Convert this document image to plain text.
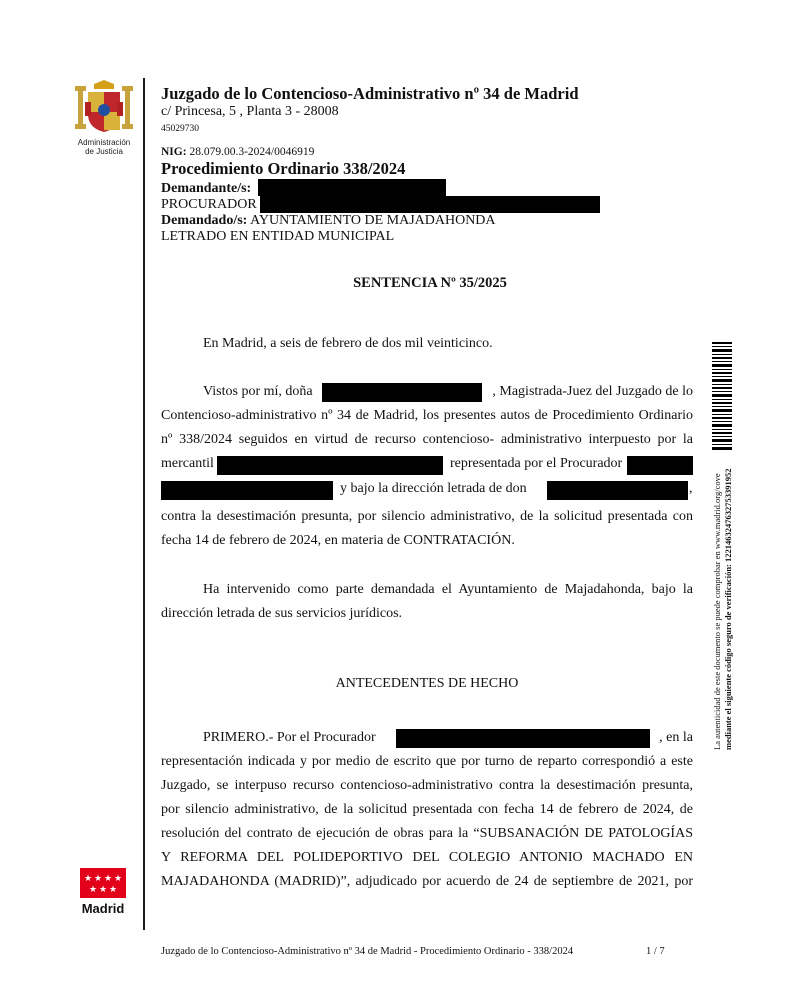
Administración
de Justicia
★ ★ ★ ★
★ ★ ★
Madrid
Juzgado de lo Contencioso-Administrativo nº 34 de Madrid
c/ Princesa, 5 , Planta 3 - 28008
45029730
NIG: 28.079.00.3-2024/0046919
Procedimiento Ordinario 338/2024
Demandante/s:
PROCURADOR
Demandado/s: AYUNTAMIENTO DE MAJADAHONDA
LETRADO EN ENTIDAD MUNICIPAL
SENTENCIA Nº 35/2025
En Madrid, a seis de febrero de dos mil veinticinco.
Vistos por mí, doña	, Magistrada-Juez del Juzgado de lo
Contencioso-administrativo nº 34 de Madrid, los presentes autos de Procedimiento Ordinario
nº 338/2024 seguidos en virtud de recurso contencioso- administrativo interpuesto por la
mercantil	representada por el Procurador
y bajo la dirección letrada de don	,
contra la desestimación presunta, por silencio administrativo, de la solicitud presentada con
fecha 14 de febrero de 2024, en materia de CONTRATACIÓN.
Ha intervenido como parte demandada el Ayuntamiento de Majadahonda, bajo la
dirección letrada de sus servicios jurídicos.
ANTECEDENTES DE HECHO
PRIMERO.- Por el Procurador	, en la
representación indicada y por medio de escrito que por turno de reparto correspondió a este
Juzgado, se interpuso recurso contencioso-administrativo contra la desestimación presunta,
por silencio administrativo, de la solicitud presentada con fecha 14 de febrero de 2024, de
resolución del contrato de ejecución de obras para la “SUBSANACIÓN DE PATOLOGÍAS
Y REFORMA DEL POLIDEPORTIVO DEL COLEGIO ANTONIO MACHADO EN
MAJADAHONDA (MADRID)”, adjudicado por acuerdo de 24 de septiembre de 2021, por
La autenticidad de este documento se puede comprobar en www.madrid.org/cove mediante el siguiente código seguro de verificación: 1221463247632753391952
Juzgado de lo Contencioso-Administrativo nº 34 de Madrid - Procedimiento Ordinario - 338/2024	1 / 7
